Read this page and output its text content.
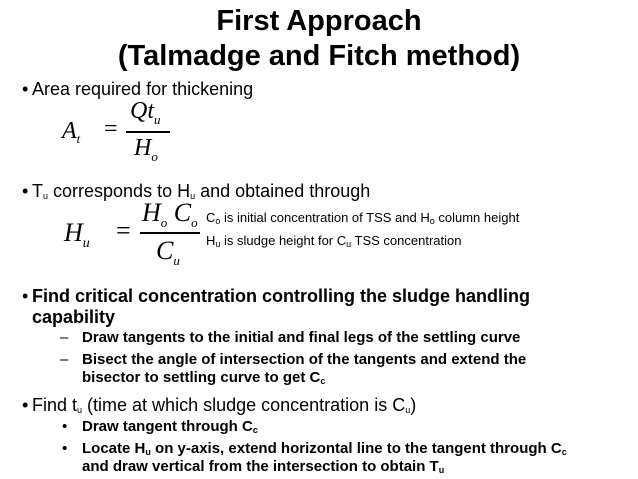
First Approach
(Talmadge and Fitch method)
• Area required for thickening
$A_t$ =
$Qt_u$
$H_o$
• $T_u$ corresponds to $H_u$ and obtained through
$H_u$ =
$H_o$ $C_o$
$C_u$
$C_o$ is initial concentration of TSS and $H_o$ column height
$H_u$ is sludge height for $C_u$ TSS concentration
• Find critical concentration controlling the sludge handling
capability
– Draw tangents to the initial and final legs of the settling curve
– Bisect the angle of intersection of the tangents and extend the
bisector to settling curve to get $C_c$
• Find $t_u$ (time at which sludge concentration is $C_u$)
• Draw tangent through $C_c$
• Locate $H_u$ on y-axis, extend horizontal line to the tangent through $C_c$
and draw vertical from the intersection to obtain $T_u$
